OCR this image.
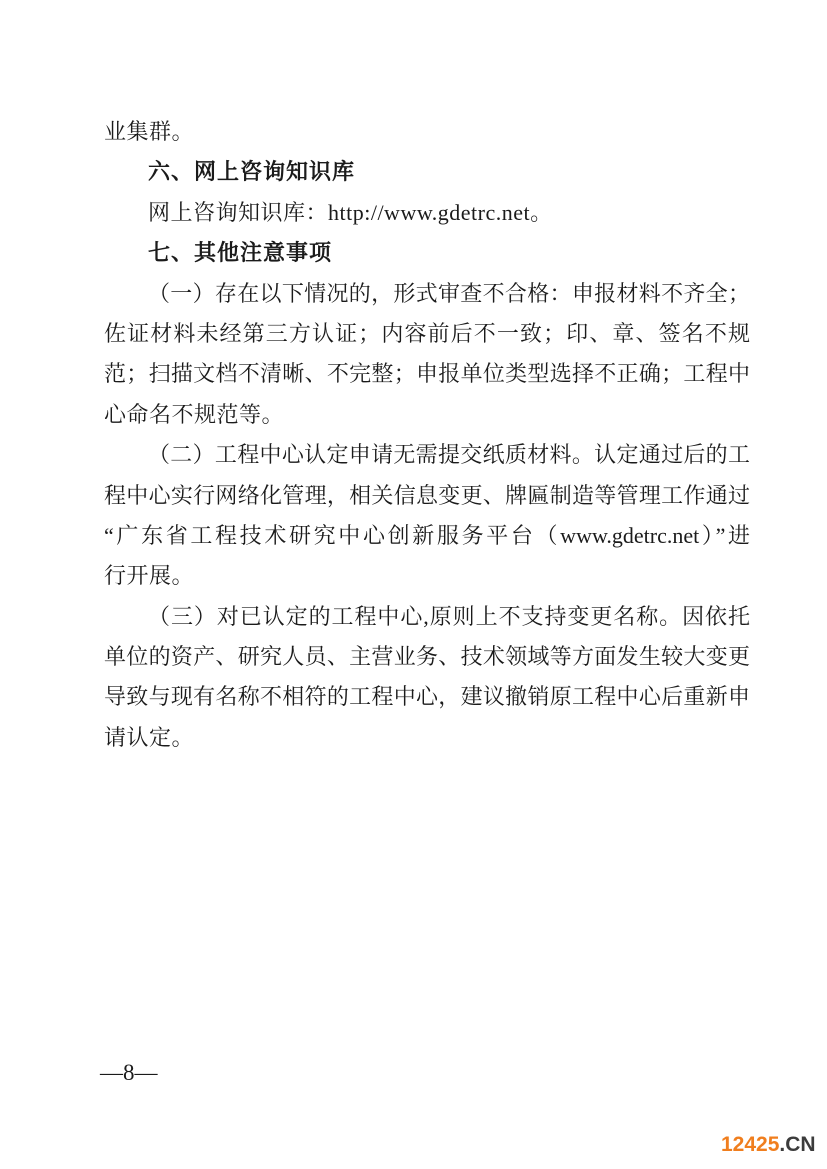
业集群。
六、网上咨询知识库
网上咨询知识库：http://www.gdetrc.net。
七、其他注意事项
（一）存在以下情况的，形式审查不合格：申报材料不齐全；
佐证材料未经第三方认证；内容前后不一致；印、章、签名不规
范；扫描文档不清晰、不完整；申报单位类型选择不正确；工程中
心命名不规范等。
（二）工程中心认定申请无需提交纸质材料。认定通过后的工
程中心实行网络化管理，相关信息变更、牌匾制造等管理工作通过
“广东省工程技术研究中心创新服务平台（www.gdetrc.net）”进
行开展。
（三）对已认定的工程中心,原则上不支持变更名称。因依托
单位的资产、研究人员、主营业务、技术领域等方面发生较大变更
导致与现有名称不相符的工程中心，建议撤销原工程中心后重新申
请认定。
—8—
12425.CN
